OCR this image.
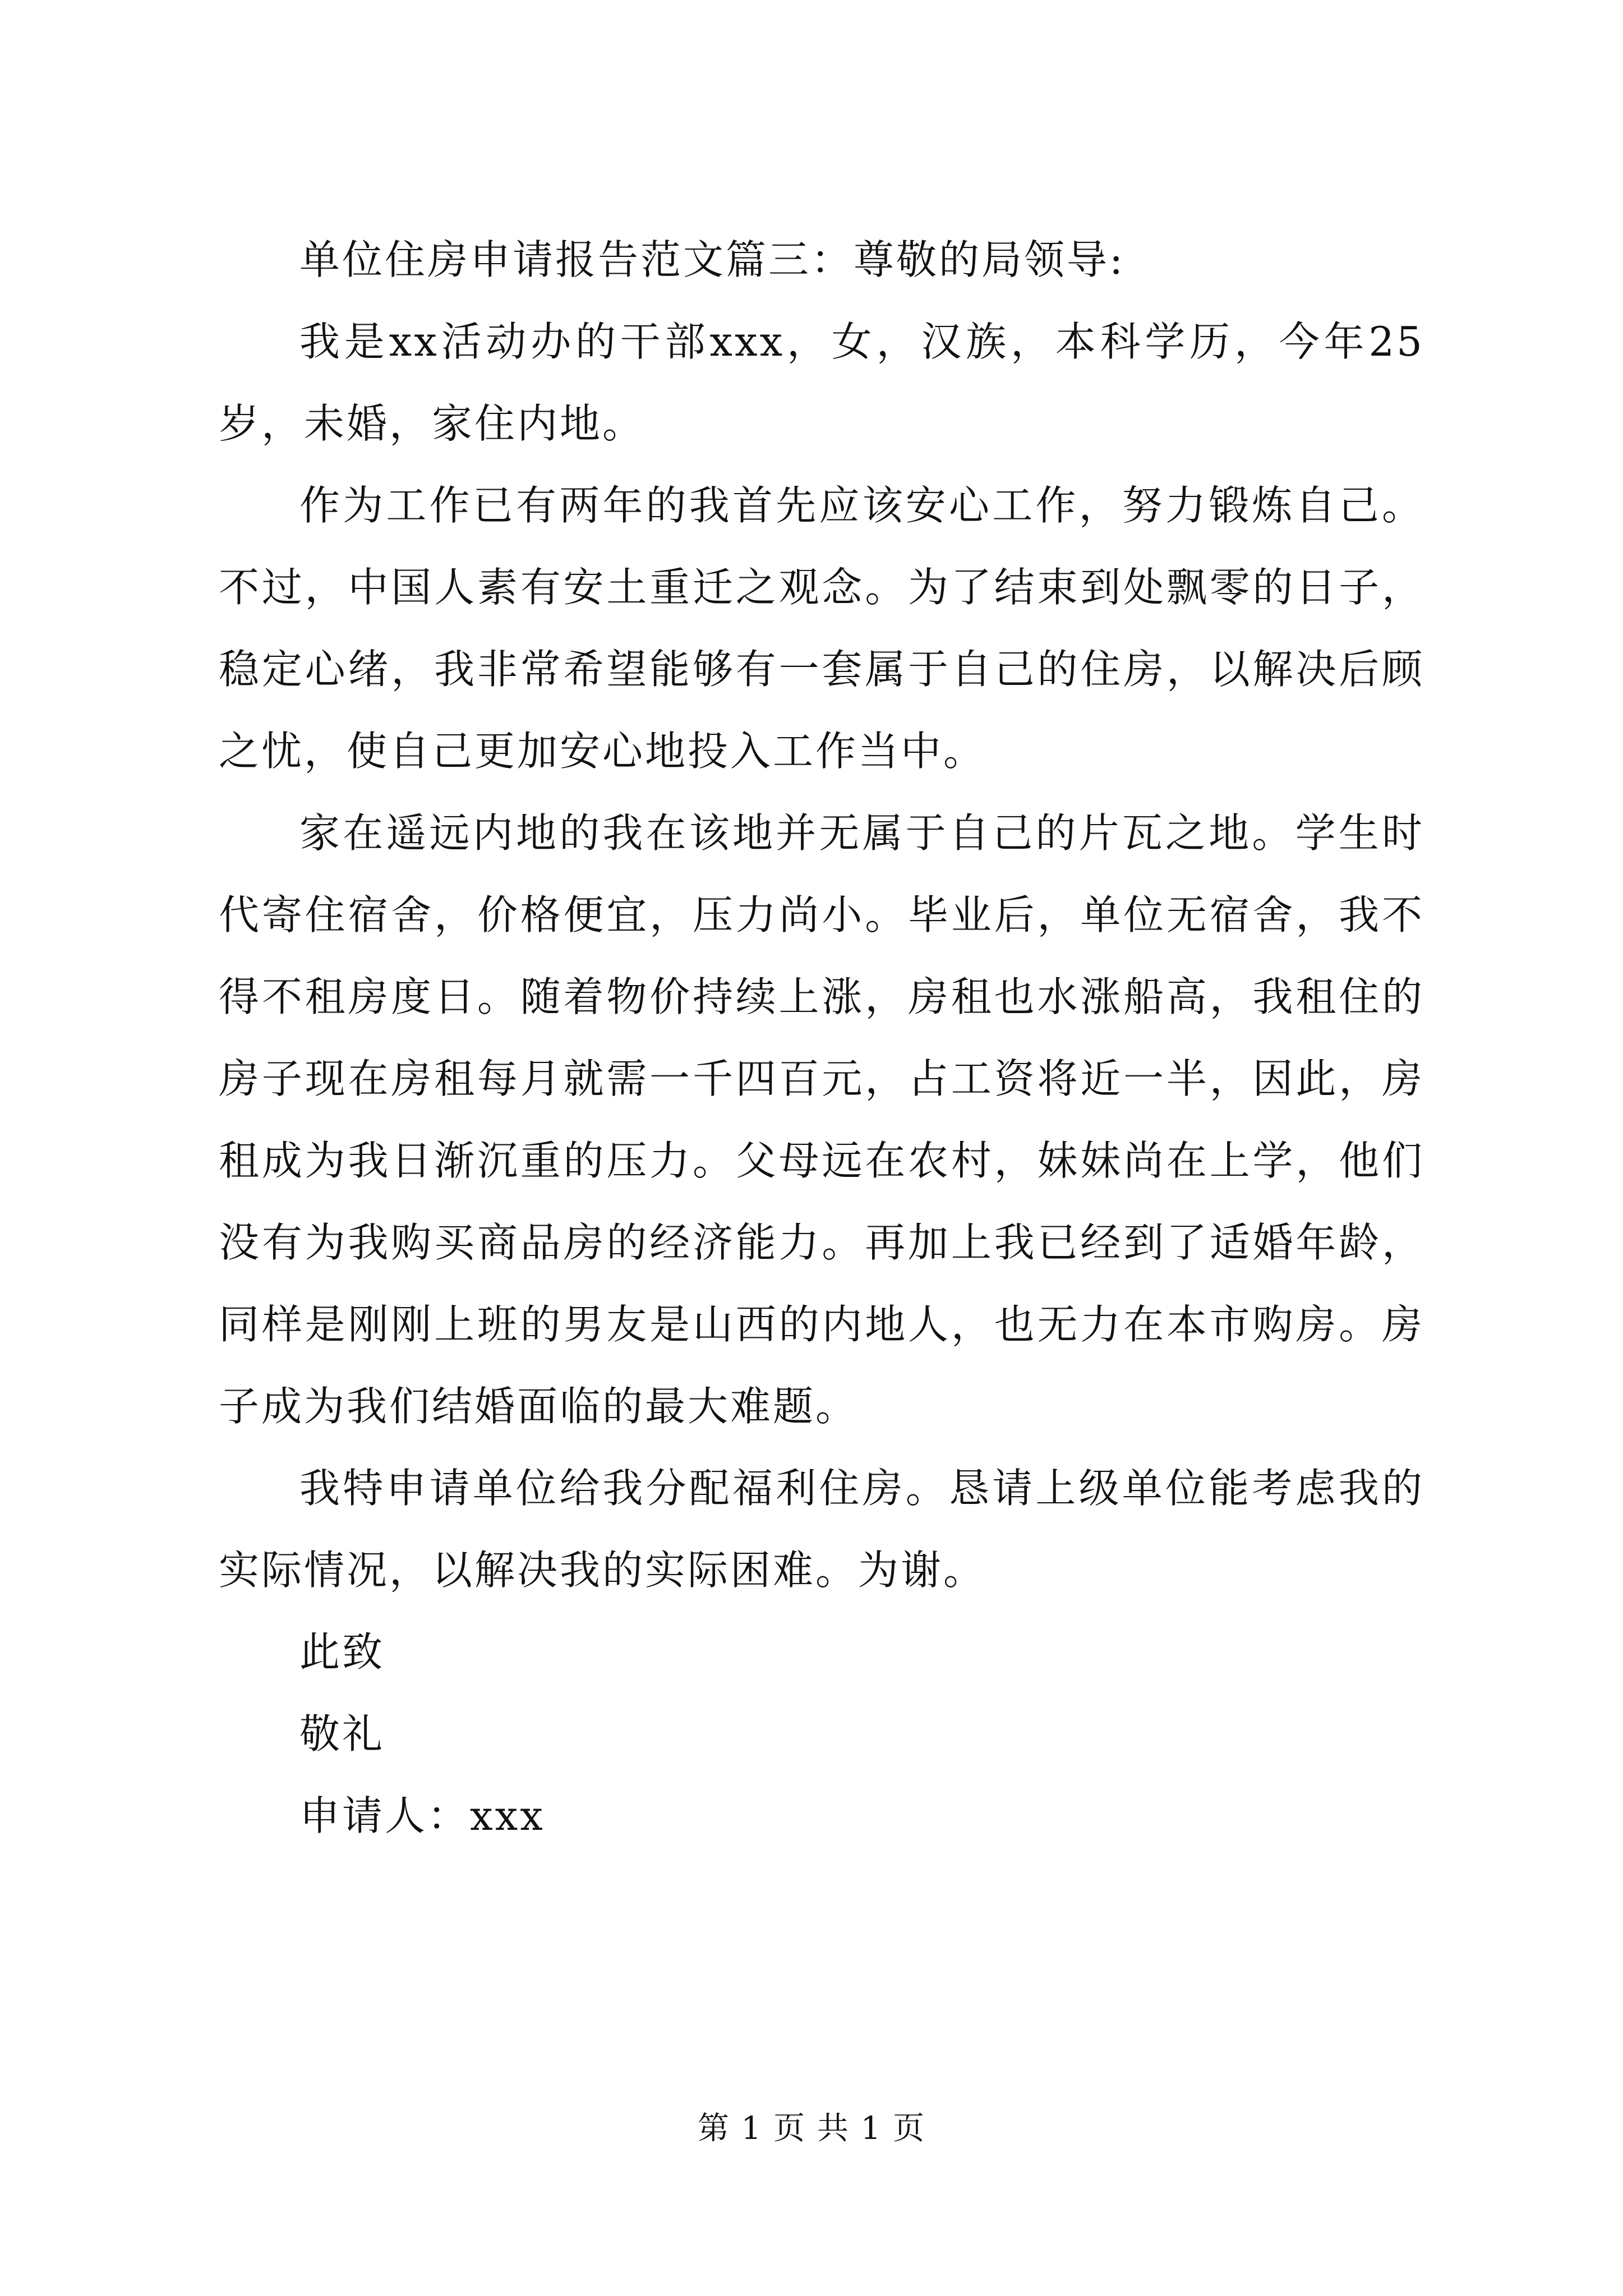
单位住房申请报告范文篇三：尊敬的局领导:

我是xx活动办的干部xxx，女，汉族，本科学历，今年25岁，未婚，家住内地。

作为工作已有两年的我首先应该安心工作，努力锻炼自己。不过，中国人素有安土重迁之观念。为了结束到处飘零的日子，稳定心绪，我非常希望能够有一套属于自己的住房，以解决后顾之忧，使自己更加安心地投入工作当中。

家在遥远内地的我在该地并无属于自己的片瓦之地。学生时代寄住宿舍，价格便宜，压力尚小。毕业后，单位无宿舍，我不得不租房度日。随着物价持续上涨，房租也水涨船高，我租住的房子现在房租每月就需一千四百元，占工资将近一半，因此，房租成为我日渐沉重的压力。父母远在农村，妹妹尚在上学，他们没有为我购买商品房的经济能力。再加上我已经到了适婚年龄，同样是刚刚上班的男友是山西的内地人，也无力在本市购房。房子成为我们结婚面临的最大难题。

我特申请单位给我分配福利住房。恳请上级单位能考虑我的实际情况，以解决我的实际困难。为谢。

此致

敬礼

申请人：xxx

第 1 页 共 1 页
